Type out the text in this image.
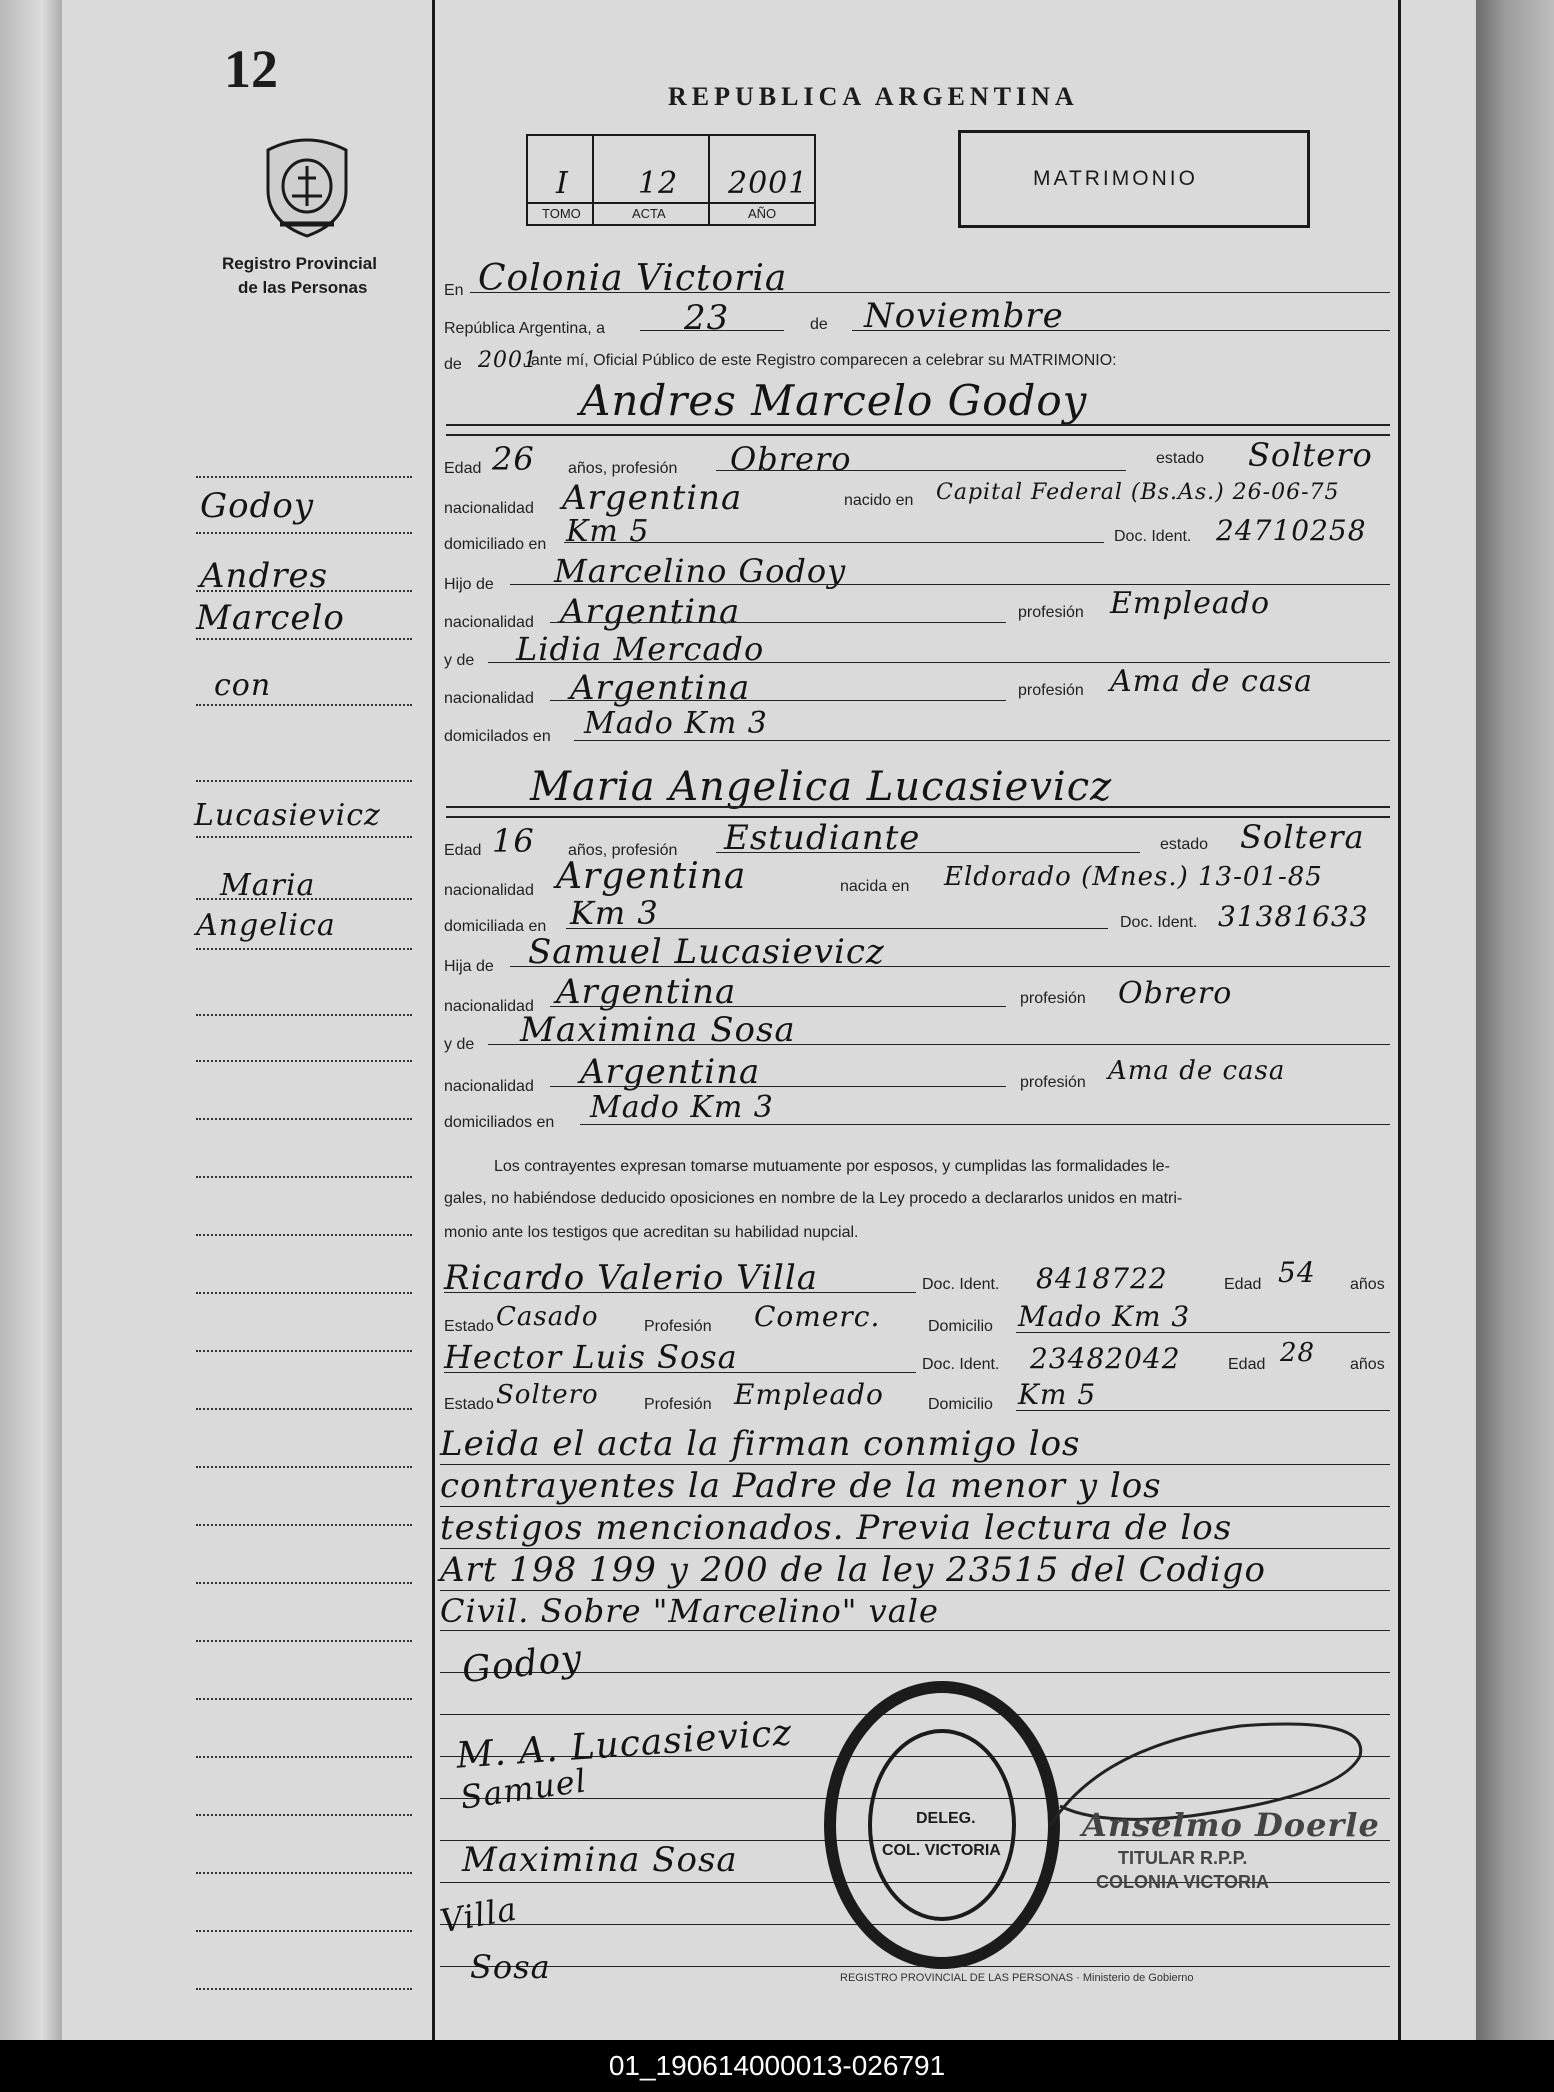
12
Registro Provincial
de las Personas
REPUBLICA ARGENTINA
I 12 2001
TOMO	ACTA	AÑO
MATRIMONIO
En Colonia Victoria
República Argentina, a 23	de Noviembre
de 2001
, ante mí, Oficial Público de este Registro comparecen a celebrar su MATRIMONIO:
Andres Marcelo Godoy
Edad 26 años, profesión Obrero	estado Soltero
nacionalidad Argentina	nacido en Capital Federal (Bs.As.) 26-06-75
domiciliado en Km 5	Doc. Ident. 24710258
Hijo de Marcelino Godoy
nacionalidad Argentina	profesión Empleado
y de Lidia Mercado
nacionalidad Argentina	profesión Ama de casa
domicilados en Mado Km 3
Maria Angelica Lucasievicz
Edad 16 años, profesión Estudiante	estado Soltera
nacionalidad Argentina	nacida en Eldorado (Mnes.) 13-01-85
domiciliada en Km 3	Doc. Ident. 31381633
Hija de Samuel Lucasievicz
nacionalidad Argentina	profesión Obrero
y de Maximina Sosa
nacionalidad Argentina	profesión Ama de casa
domiciliados en Mado Km 3
Los contrayentes expresan tomarse mutuamente por esposos, y cumplidas las formalidades le-
gales, no habiéndose deducido oposiciones en nombre de la Ley procedo a declararlos unidos en matri-
monio ante los testigos que acreditan su habilidad nupcial.
Ricardo Valerio Villa	Doc. Ident. 8418722	Edad 54 años
Estado Casado	Profesión Comerc.	Domicilio Mado Km 3
Hector Luis Sosa	Doc. Ident. 23482042	Edad 28 años
Estado Soltero	Profesión Empleado	Domicilio Km 5
Leida el acta la firman conmigo los
contrayentes la Padre de la menor y los
testigos mencionados. Previa lectura de los
Art 198 199 y 200 de la ley 23515 del Codigo
Civil. Sobre "Marcelino" vale
Godoy
Andres
Marcelo
con
Lucasievicz
Maria
Angelica
Godoy
M. A. Lucasievicz
Samuel
Maximina Sosa
Villa
Sosa	REGISTRO PROVINCIAL DE LAS PERSONAS · Ministerio de Gobierno
DELEG.
COL. VICTORIA
Anselmo Doerle
TITULAR R.P.P.
COLONIA VICTORIA
01_190614000013-026791
